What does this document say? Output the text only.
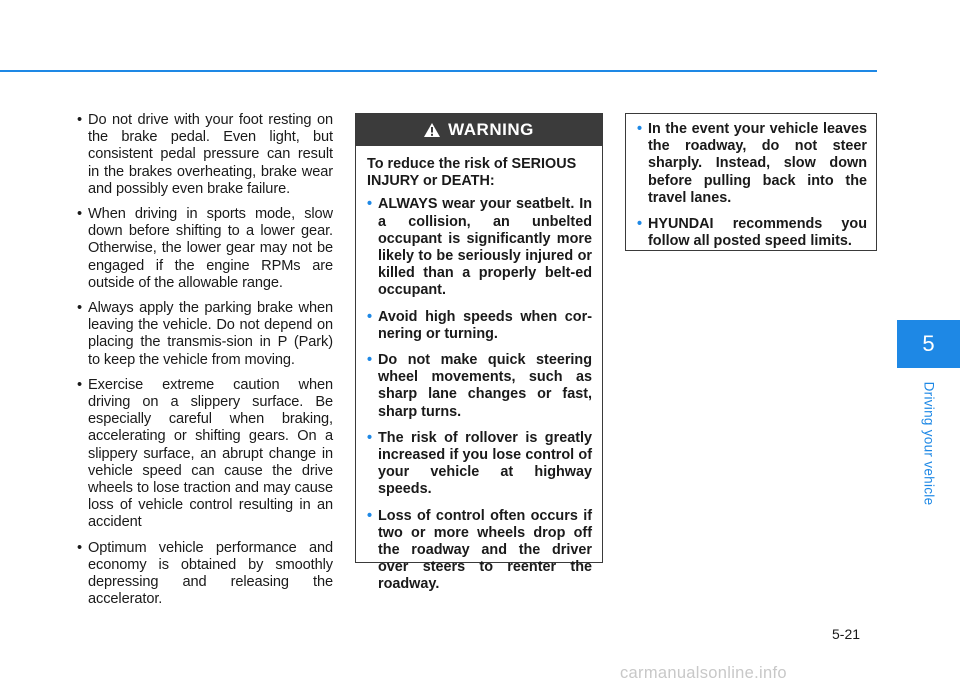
• Do not drive with your foot resting on the brake pedal. Even light, but consistent pedal pressure can result in the brakes overheating, brake wear and possibly even brake failure.
• When driving in sports mode, slow down before shifting to a lower gear. Otherwise, the lower gear may not be engaged if the engine RPMs are outside of the allowable range.
• Always apply the parking brake when leaving the vehicle. Do not depend on placing the transmis-sion in P (Park) to keep the vehicle from moving.
• Exercise extreme caution when driving on a slippery surface. Be especially careful when braking, accelerating or shifting gears. On a slippery surface, an abrupt change in vehicle speed can cause the drive wheels to lose traction and may cause loss of vehicle control resulting in an accident
• Optimum vehicle performance and economy is obtained by smoothly depressing and releasing the accelerator.
WARNING
To reduce the risk of SERIOUS INJURY or DEATH:
• ALWAYS wear your seatbelt. In a collision, an unbelted occupant is significantly more likely to be seriously injured or killed than a properly belt-ed occupant.
• Avoid high speeds when cor-nering or turning.
• Do not make quick steering wheel movements, such as sharp lane changes or fast, sharp turns.
• The risk of rollover is greatly increased if you lose control of your vehicle at highway speeds.
• Loss of control often occurs if two or more wheels drop off the roadway and the driver over steers to reenter the roadway.
• In the event your vehicle leaves the roadway, do not steer sharply. Instead, slow down before pulling back into the travel lanes.
• HYUNDAI recommends you follow all posted speed limits.
5
Driving your vehicle
5-21
carmanualsonline.info
